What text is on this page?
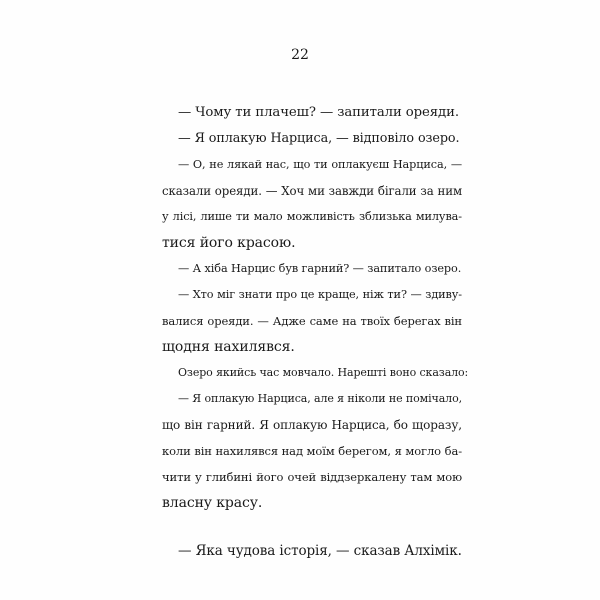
22
— Чому ти плачеш? — запитали ореяди.
— Я оплакую Нарциса, — відповіло озеро.
— О, не лякай нас, що ти оплакуєш Нарциса, —
сказали ореяди. — Хоч ми завжди бігали за ним
у лісі, лише ти мало можливість зблизька милува-
тися його красою.
— А хіба Нарцис був гарний? — запитало озеро.
— Хто міг знати про це краще, ніж ти? — здиву-
валися ореяди. — Адже саме на твоїх берегах він
щодня нахилявся.
Озеро якийсь час мовчало. Нарешті воно сказало:
— Я оплакую Нарциса, але я ніколи не помічало,
що він гарний. Я оплакую Нарциса, бо щоразу,
коли він нахилявся над моїм берегом, я могло ба-
чити у глибині його очей віддзеркалену там мою
власну красу.
— Яка чудова історія, — сказав Алхімік.
